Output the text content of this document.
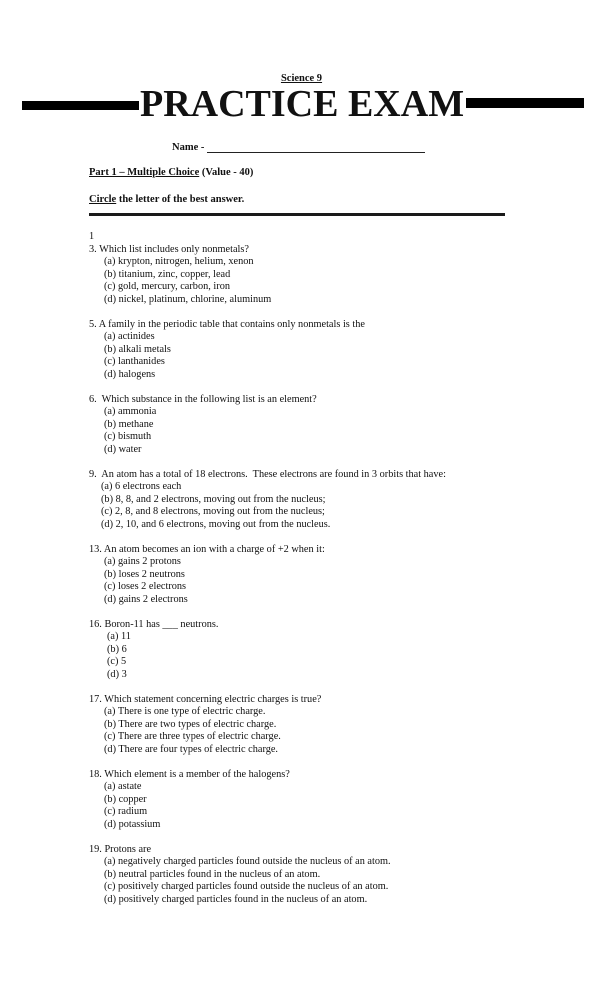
Science 9
PRACTICE EXAM
Name -
Part 1 – Multiple Choice (Value - 40)
Circle the letter of the best answer.
1
3. Which list includes only nonmetals?
(a) krypton, nitrogen, helium, xenon
(b) titanium, zinc, copper, lead
(c) gold, mercury, carbon, iron
(d) nickel, platinum, chlorine, aluminum
5. A family in the periodic table that contains only nonmetals is the
(a) actinides
(b) alkali metals
(c) lanthanides
(d) halogens
6.  Which substance in the following list is an element?
(a) ammonia
(b) methane
(c) bismuth
(d) water
9.  An atom has a total of 18 electrons.  These electrons are found in 3 orbits that have:
(a) 6 electrons each
(b) 8, 8, and 2 electrons, moving out from the nucleus;
(c) 2, 8, and 8 electrons, moving out from the nucleus;
(d) 2, 10, and 6 electrons, moving out from the nucleus.
13. An atom becomes an ion with a charge of +2 when it:
(a) gains 2 protons
(b) loses 2 neutrons
(c) loses 2 electrons
(d) gains 2 electrons
16. Boron-11 has ___ neutrons.
(a) 11
(b) 6
(c) 5
(d) 3
17. Which statement concerning electric charges is true?
(a) There is one type of electric charge.
(b) There are two types of electric charge.
(c) There are three types of electric charge.
(d) There are four types of electric charge.
18. Which element is a member of the halogens?
(a) astate
(b) copper
(c) radium
(d) potassium
19. Protons are
(a) negatively charged particles found outside the nucleus of an atom.
(b) neutral particles found in the nucleus of an atom.
(c) positively charged particles found outside the nucleus of an atom.
(d) positively charged particles found in the nucleus of an atom.
